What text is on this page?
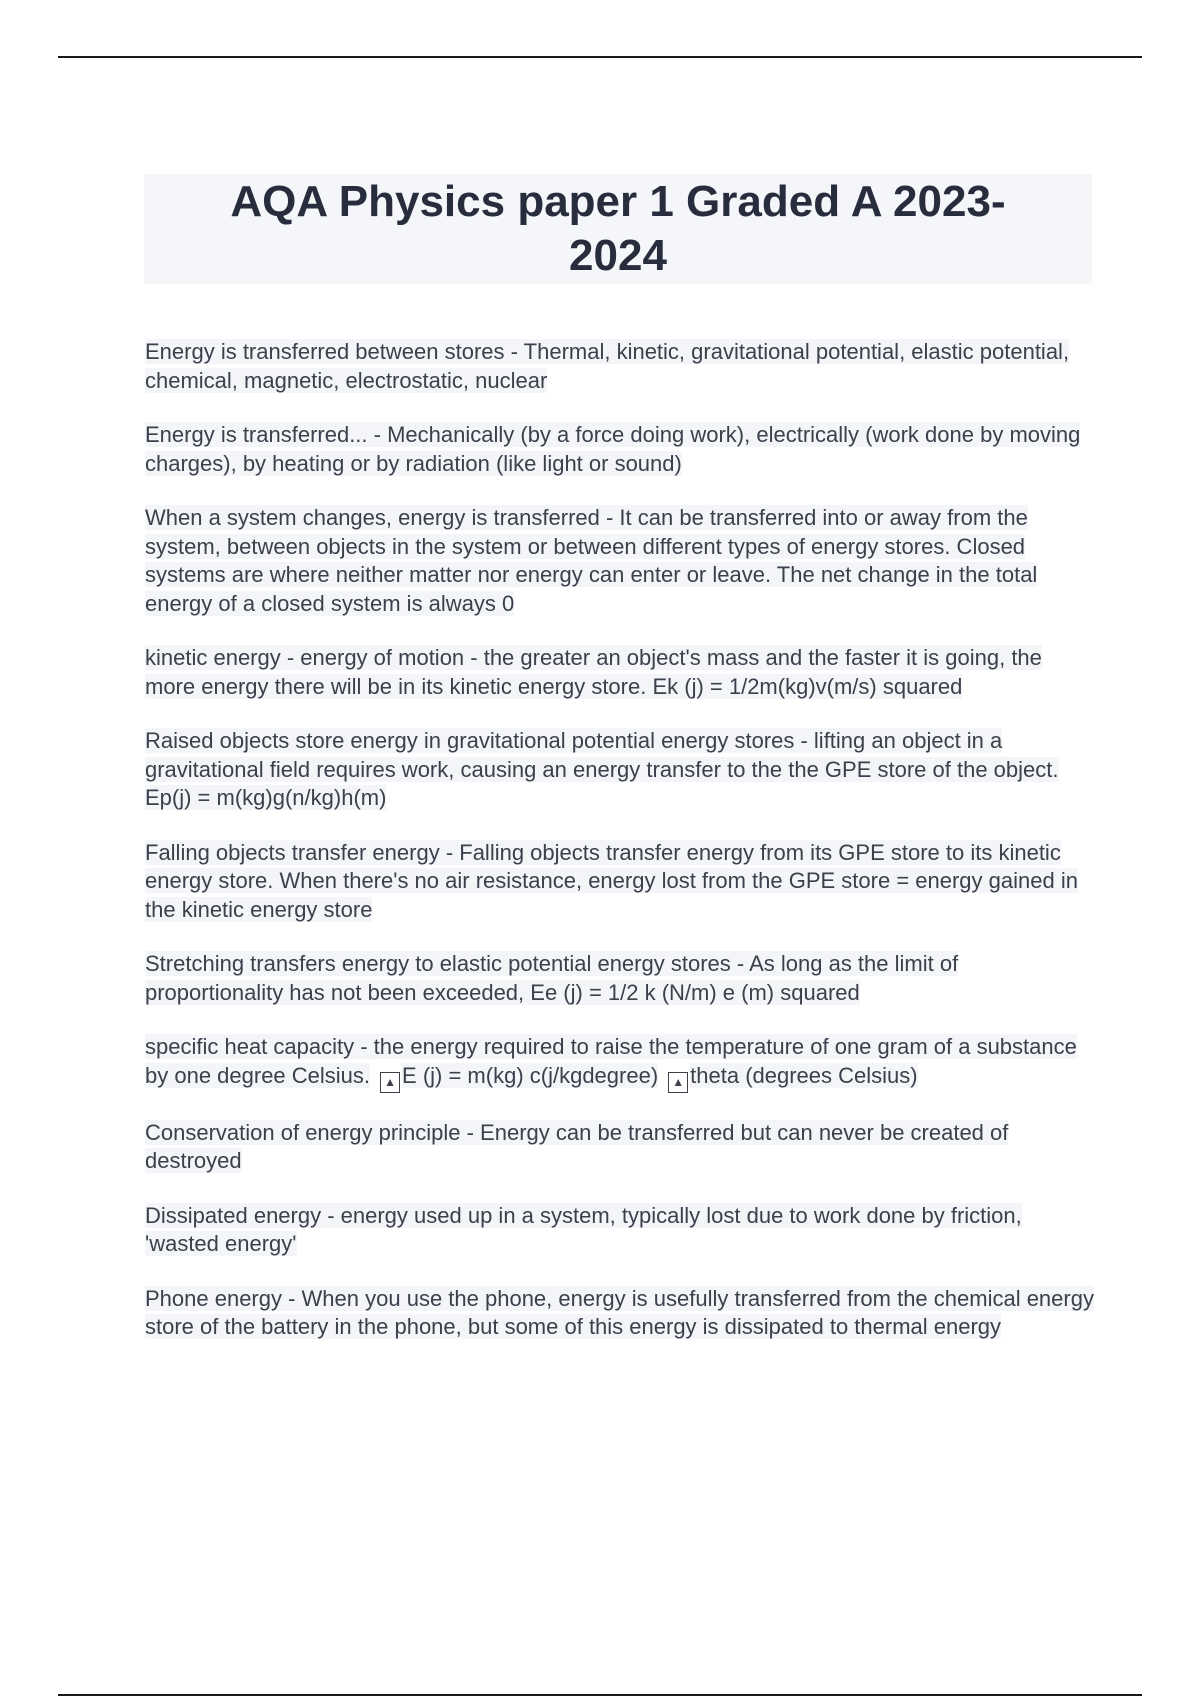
AQA Physics paper 1 Graded A 2023-2024

Energy is transferred between stores - Thermal, kinetic, gravitational potential, elastic potential, chemical, magnetic, electrostatic, nuclear

Energy is transferred... - Mechanically (by a force doing work), electrically (work done by moving charges), by heating or by radiation (like light or sound)

When a system changes, energy is transferred - It can be transferred into or away from the system, between objects in the system or between different types of energy stores. Closed systems are where neither matter nor energy can enter or leave. The net change in the total energy of a closed system is always 0

kinetic energy - energy of motion - the greater an object's mass and the faster it is going, the more energy there will be in its kinetic energy store. Ek (j) = 1/2m(kg)v(m/s) squared

Raised objects store energy in gravitational potential energy stores - lifting an object in a gravitational field requires work, causing an energy transfer to the the GPE store of the object. Ep(j) = m(kg)g(n/kg)h(m)

Falling objects transfer energy - Falling objects transfer energy from its GPE store to its kinetic energy store. When there's no air resistance, energy lost from the GPE store = energy gained in the kinetic energy store

Stretching transfers energy to elastic potential energy stores - As long as the limit of proportionality has not been exceeded, Ee (j) = 1/2 k (N/m) e (m) squared

specific heat capacity - the energy required to raise the temperature of one gram of a substance by one degree Celsius. ▲ E (j) = m(kg) c(j/kgdegree) ▲ theta (degrees Celsius)

Conservation of energy principle - Energy can be transferred but can never be created of destroyed

Dissipated energy - energy used up in a system, typically lost due to work done by friction, 'wasted energy'

Phone energy - When you use the phone, energy is usefully transferred from the chemical energy store of the battery in the phone, but some of this energy is dissipated to thermal energy
